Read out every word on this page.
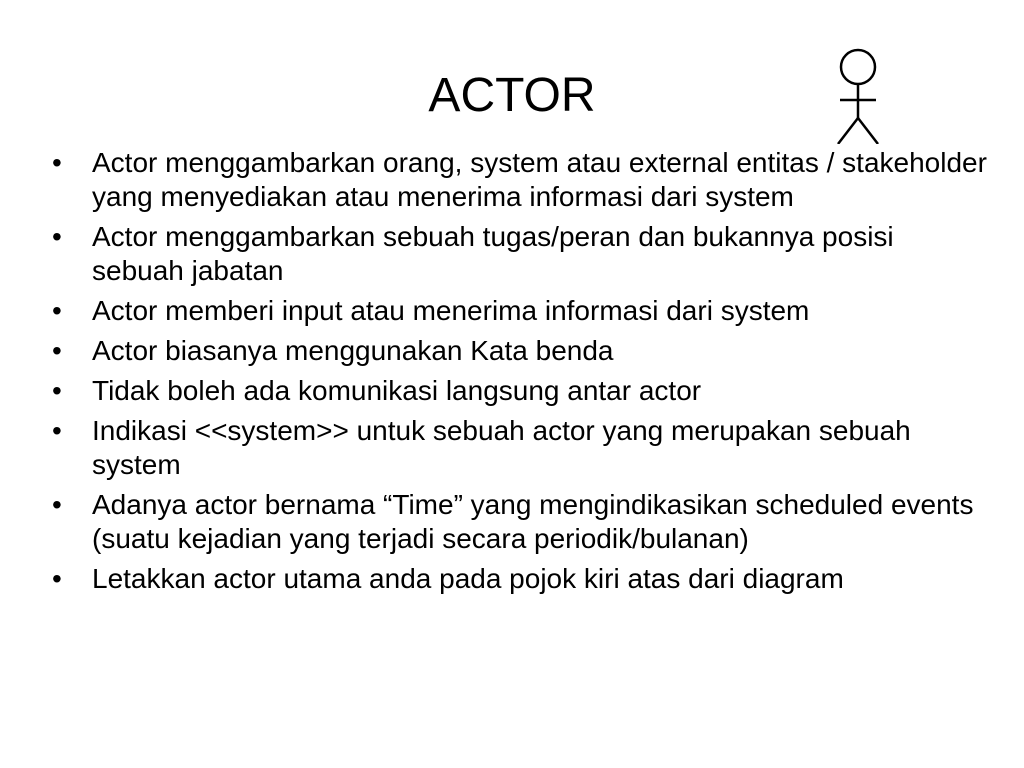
ACTOR
• Actor menggambarkan orang, system atau external entitas / stakeholder yang menyediakan atau menerima informasi dari system
• Actor menggambarkan sebuah tugas/peran dan bukannya posisi sebuah jabatan
• Actor memberi input atau menerima informasi dari system
• Actor biasanya menggunakan Kata benda
• Tidak boleh ada komunikasi langsung antar actor
• Indikasi <<system>> untuk sebuah actor yang merupakan sebuah system
• Adanya actor bernama “Time” yang mengindikasikan scheduled events (suatu kejadian yang terjadi secara periodik/bulanan)
• Letakkan actor utama anda pada pojok kiri atas dari diagram
